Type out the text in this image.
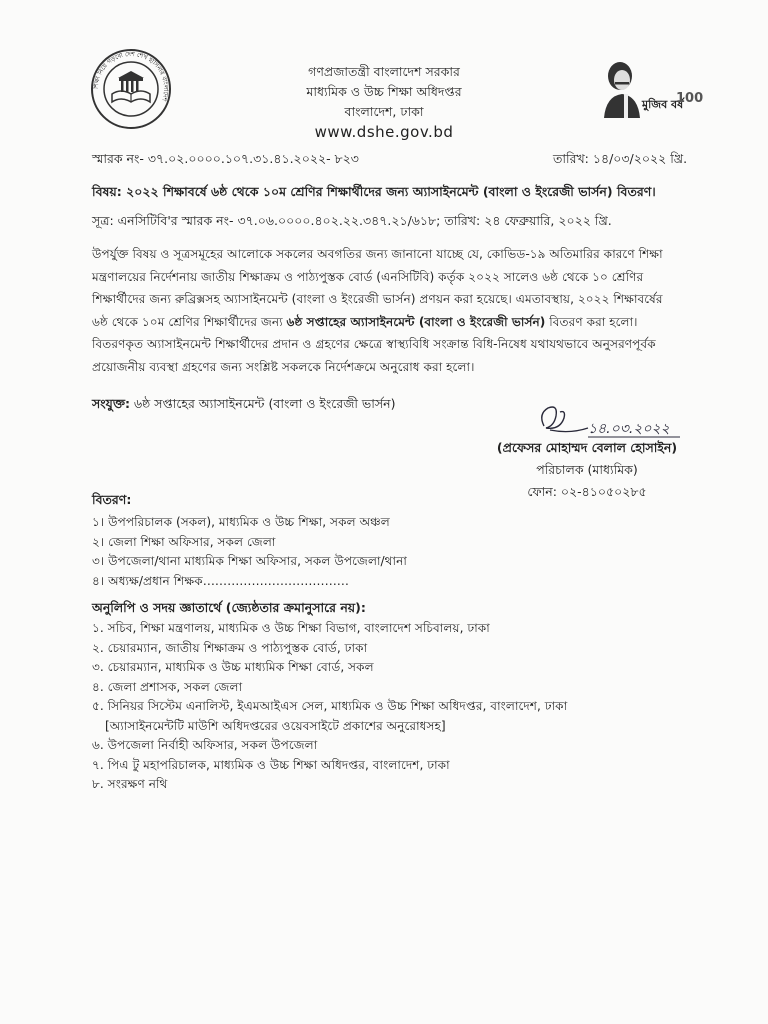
শিক্ষা নিয়ে গড়বো দেশ শেখ হাসিনার বাংলাদেশ
গণপ্রজাতন্ত্রী বাংলাদেশ সরকার
মাধ্যমিক ও উচ্চ শিক্ষা অধিদপ্তর
বাংলাদেশ, ঢাকা
www.dshe.gov.bd
মুজিব বর্ষ
100
স্মারক নং- ৩৭.০২.০০০০.১০৭.৩১.৪১.২০২২- ৮২৩	তারিখ: ১৪/০৩/২০২২ খ্রি.
বিষয়: ২০২২ শিক্ষাবর্ষে ৬ষ্ঠ থেকে ১০ম শ্রেণির শিক্ষার্থীদের জন্য অ্যাসাইনমেন্ট (বাংলা ও ইংরেজী ভার্সন) বিতরণ।
সূত্র: এনসিটিবি'র স্মারক নং- ৩৭.০৬.০০০০.৪০২.২২.৩৪৭.২১/৬১৮; তারিখ: ২৪ ফেব্রুয়ারি, ২০২২ খ্রি.
উপর্যুক্ত বিষয় ও সূত্রসমূহের আলোকে সকলের অবগতির জন্য জানানো যাচ্ছে যে, কোভিড-১৯ অতিমারির কারণে শিক্ষা
মন্ত্রণালয়ের নির্দেশনায় জাতীয় শিক্ষাক্রম ও পাঠ্যপুস্তক বোর্ড (এনসিটিবি) কর্তৃক ২০২২ সালেও ৬ষ্ঠ থেকে ১০ শ্রেণির
শিক্ষার্থীদের জন্য রুব্রিক্সসহ অ্যাসাইনমেন্ট (বাংলা ও ইংরেজী ভার্সন) প্রণয়ন করা হয়েছে। এমতাবস্থায়, ২০২২ শিক্ষাবর্ষের
৬ষ্ঠ থেকে ১০ম শ্রেণির শিক্ষার্থীদের জন্য ৬ষ্ঠ সপ্তাহের অ্যাসাইনমেন্ট (বাংলা ও ইংরেজী ভার্সন) বিতরণ করা হলো।
বিতরণকৃত অ্যাসাইনমেন্ট শিক্ষার্থীদের প্রদান ও গ্রহণের ক্ষেত্রে স্বাস্থ্যবিধি সংক্রান্ত বিধি-নিষেধ যথাযথভাবে অনুসরণপূর্বক
প্রয়োজনীয় ব্যবস্থা গ্রহণের জন্য সংশ্লিষ্ট সকলকে নির্দেশক্রমে অনুরোধ করা হলো।
সংযুক্ত: ৬ষ্ঠ সপ্তাহের অ্যাসাইনমেন্ট (বাংলা ও ইংরেজী ভার্সন)
১৪.০৩.২০২২
(প্রফেসর মোহাম্মদ বেলাল হোসাইন)
পরিচালক (মাধ্যমিক)
ফোন: ০২-৪১০৫০২৮৫
বিতরণ:
১। উপপরিচালক (সকল), মাধ্যমিক ও উচ্চ শিক্ষা, সকল অঞ্চল
২। জেলা শিক্ষা অফিসার, সকল জেলা
৩। উপজেলা/থানা মাধ্যমিক শিক্ষা অফিসার, সকল উপজেলা/থানা
৪। অধ্যক্ষ/প্রধান শিক্ষক………………………………
অনুলিপি ও সদয় জ্ঞাতার্থে (জ্যেষ্ঠতার ক্রমানুসারে নয়):
১. সচিব, শিক্ষা মন্ত্রণালয়, মাধ্যমিক ও উচ্চ শিক্ষা বিভাগ, বাংলাদেশ সচিবালয়, ঢাকা
২. চেয়ারম্যান, জাতীয় শিক্ষাক্রম ও পাঠ্যপুস্তক বোর্ড, ঢাকা
৩. চেয়ারম্যান, মাধ্যমিক ও উচ্চ মাধ্যমিক শিক্ষা বোর্ড, সকল
৪. জেলা প্রশাসক, সকল জেলা
৫. সিনিয়র সিস্টেম এনালিস্ট, ইএমআইএস সেল, মাধ্যমিক ও উচ্চ শিক্ষা অধিদপ্তর, বাংলাদেশ, ঢাকা
[অ্যাসাইনমেন্টটি মাউশি অধিদপ্তরের ওয়েবসাইটে প্রকাশের অনুরোধসহ]
৬. উপজেলা নির্বাহী অফিসার, সকল উপজেলা
৭. পিএ টু মহাপরিচালক, মাধ্যমিক ও উচ্চ শিক্ষা অধিদপ্তর, বাংলাদেশ, ঢাকা
৮. সংরক্ষণ নথি
